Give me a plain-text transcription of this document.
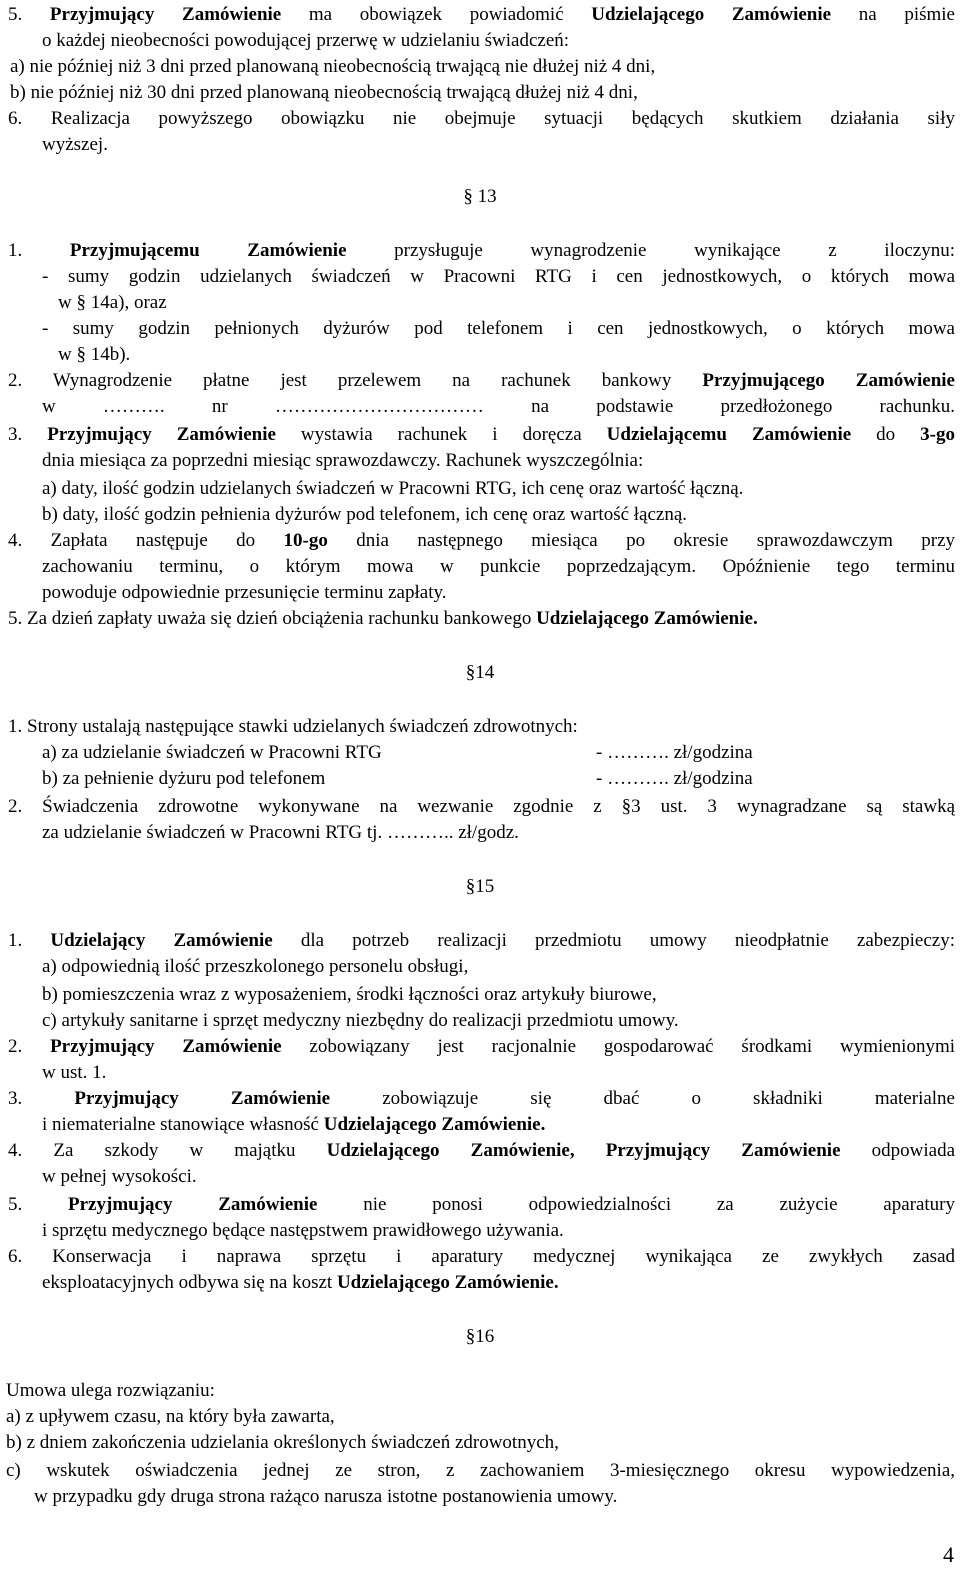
5. Przyjmujący Zamówienie ma obowiązek powiadomić Udzielającego Zamówienie na piśmie
o każdej nieobecności powodującej przerwę w udzielaniu świadczeń:
a) nie później niż 3 dni przed planowaną nieobecnością trwającą nie dłużej niż 4 dni,
b) nie później niż 30 dni przed planowaną nieobecnością trwającą dłużej niż 4 dni,
6. Realizacja powyższego obowiązku nie obejmuje sytuacji będących skutkiem działania siły
wyższej.
§ 13
1. Przyjmującemu Zamówienie przysługuje wynagrodzenie wynikające z iloczynu:
- sumy godzin udzielanych świadczeń w Pracowni RTG i cen jednostkowych, o których mowa
w § 14a), oraz
- sumy godzin pełnionych dyżurów pod telefonem i cen jednostkowych, o których mowa
w § 14b).
2. Wynagrodzenie płatne jest przelewem na rachunek bankowy Przyjmującego Zamówienie
w ………. nr …………………………… na podstawie przedłożonego rachunku.
3. Przyjmujący Zamówienie wystawia rachunek i doręcza Udzielającemu Zamówienie do 3-go
dnia miesiąca za poprzedni miesiąc sprawozdawczy. Rachunek wyszczególnia:
a) daty, ilość godzin udzielanych świadczeń w Pracowni RTG, ich cenę oraz wartość łączną.
b) daty, ilość godzin pełnienia dyżurów pod telefonem, ich cenę oraz wartość łączną.
4. Zapłata następuje do 10-go dnia następnego miesiąca po okresie sprawozdawczym przy
zachowaniu terminu, o którym mowa w punkcie poprzedzającym. Opóźnienie tego terminu
powoduje odpowiednie przesunięcie terminu zapłaty.
5. Za dzień zapłaty uważa się dzień obciążenia rachunku bankowego Udzielającego Zamówienie.
§14
1. Strony ustalają następujące stawki udzielanych świadczeń zdrowotnych:
a) za udzielanie świadczeń w Pracowni RTG	- ………. zł/godzina
b) za pełnienie dyżuru pod telefonem	- ………. zł/godzina
2. Świadczenia zdrowotne wykonywane na wezwanie zgodnie z §3 ust. 3 wynagradzane są stawką
za udzielanie świadczeń w Pracowni RTG tj. ……….. zł/godz.
§15
1. Udzielający Zamówienie dla potrzeb realizacji przedmiotu umowy nieodpłatnie zabezpieczy:
a) odpowiednią ilość przeszkolonego personelu obsługi,
b) pomieszczenia wraz z wyposażeniem, środki łączności oraz artykuły biurowe,
c) artykuły sanitarne i sprzęt medyczny niezbędny do realizacji przedmiotu umowy.
2. Przyjmujący Zamówienie zobowiązany jest racjonalnie gospodarować środkami wymienionymi
w ust. 1.
3. Przyjmujący Zamówienie zobowiązuje się dbać o składniki materialne
i niematerialne stanowiące własność Udzielającego Zamówienie.
4. Za szkody w majątku Udzielającego Zamówienie, Przyjmujący Zamówienie odpowiada
w pełnej wysokości.
5. Przyjmujący Zamówienie nie ponosi odpowiedzialności za zużycie aparatury
i sprzętu medycznego będące następstwem prawidłowego używania.
6. Konserwacja i naprawa sprzętu i aparatury medycznej wynikająca ze zwykłych zasad
eksploatacyjnych odbywa się na koszt Udzielającego Zamówienie.
§16
Umowa ulega rozwiązaniu:
a) z upływem czasu, na który była zawarta,
b) z dniem zakończenia udzielania określonych świadczeń zdrowotnych,
c) wskutek oświadczenia jednej ze stron, z zachowaniem 3-miesięcznego okresu wypowiedzenia,
w przypadku gdy druga strona rażąco narusza istotne postanowienia umowy.
4
